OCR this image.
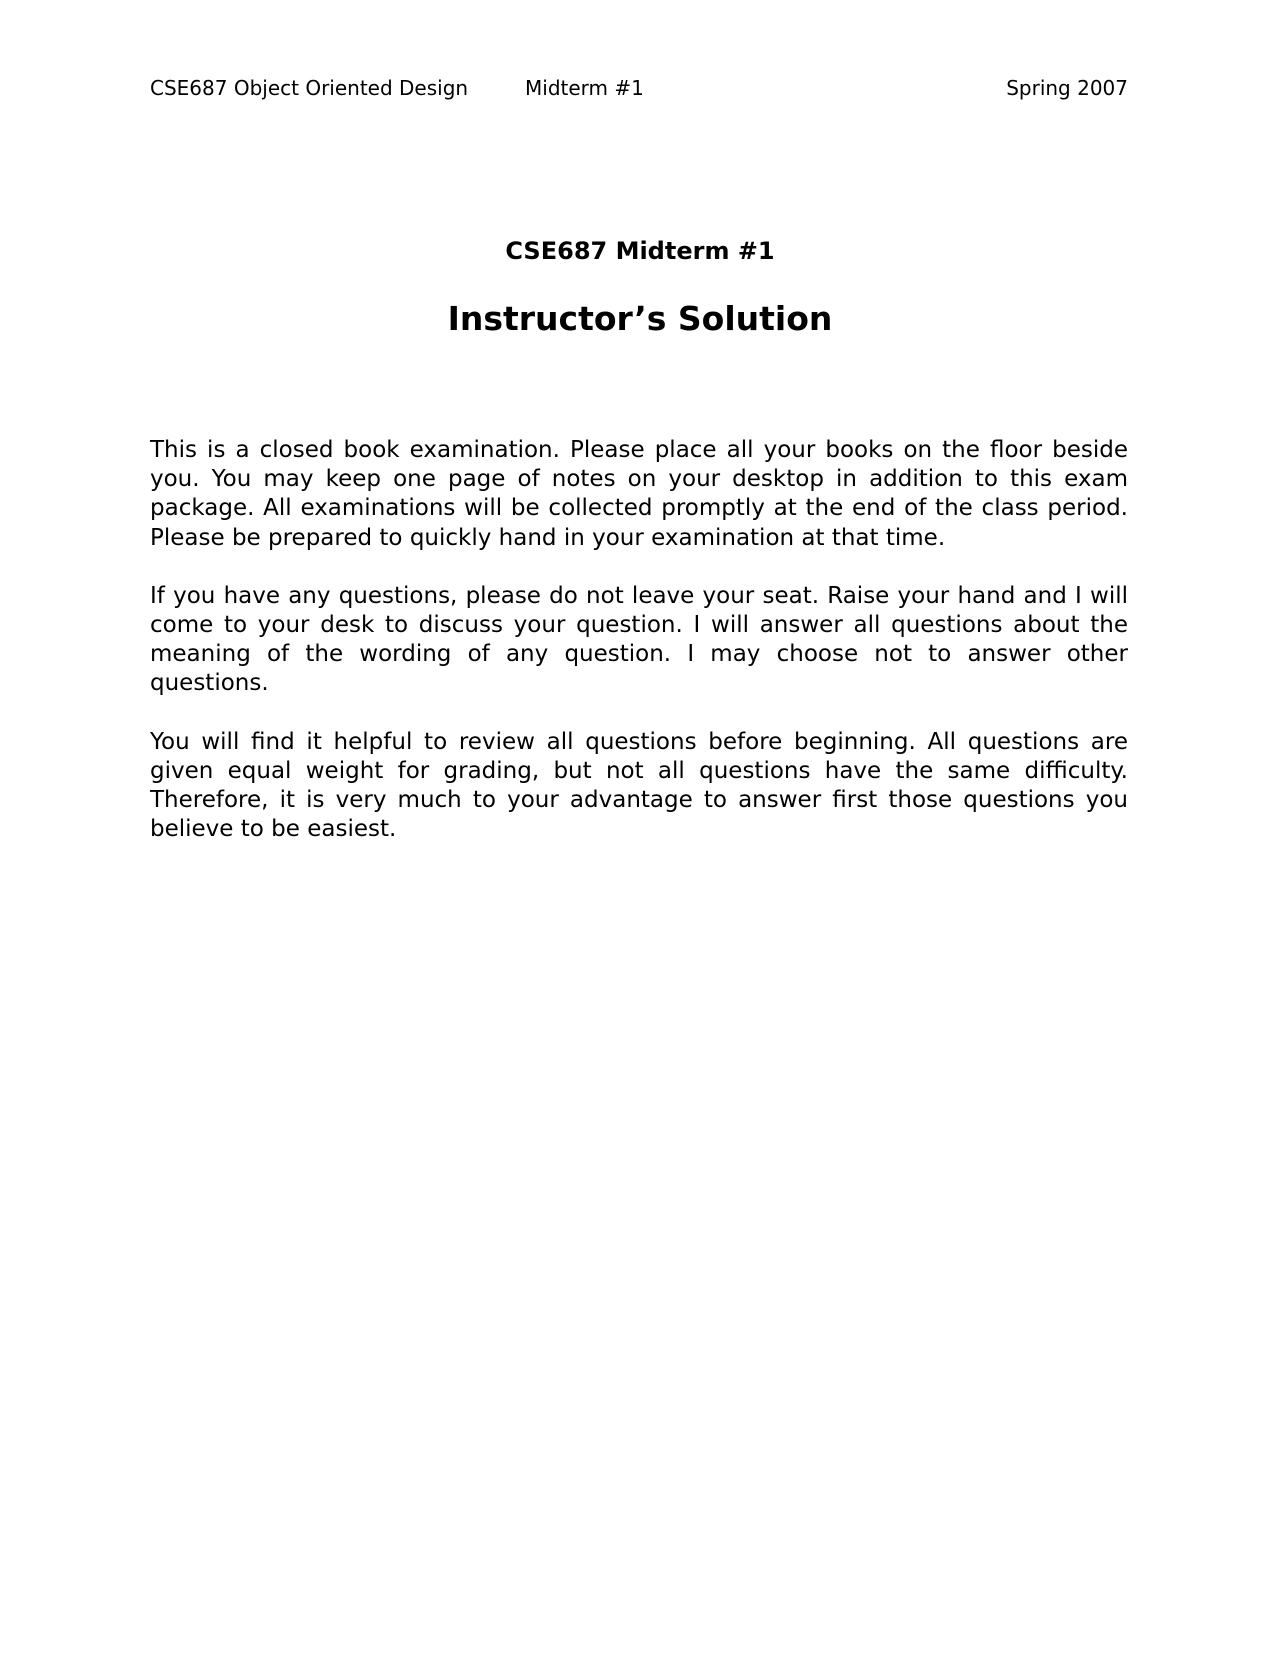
CSE687 Object Oriented Design	Midterm #1	Spring 2007
CSE687 Midterm #1
Instructor’s Solution

This is a closed book examination. Please place all your books on the floor beside you. You may keep one page of notes on your desktop in addition to this exam package. All examinations will be collected promptly at the end of the class period. Please be prepared to quickly hand in your examination at that time.

If you have any questions, please do not leave your seat. Raise your hand and I will come to your desk to discuss your question. I will answer all questions about the meaning of the wording of any question. I may choose not to answer other questions.

You will find it helpful to review all questions before beginning. All questions are given equal weight for grading, but not all questions have the same difficulty. Therefore, it is very much to your advantage to answer first those questions you believe to be easiest.
